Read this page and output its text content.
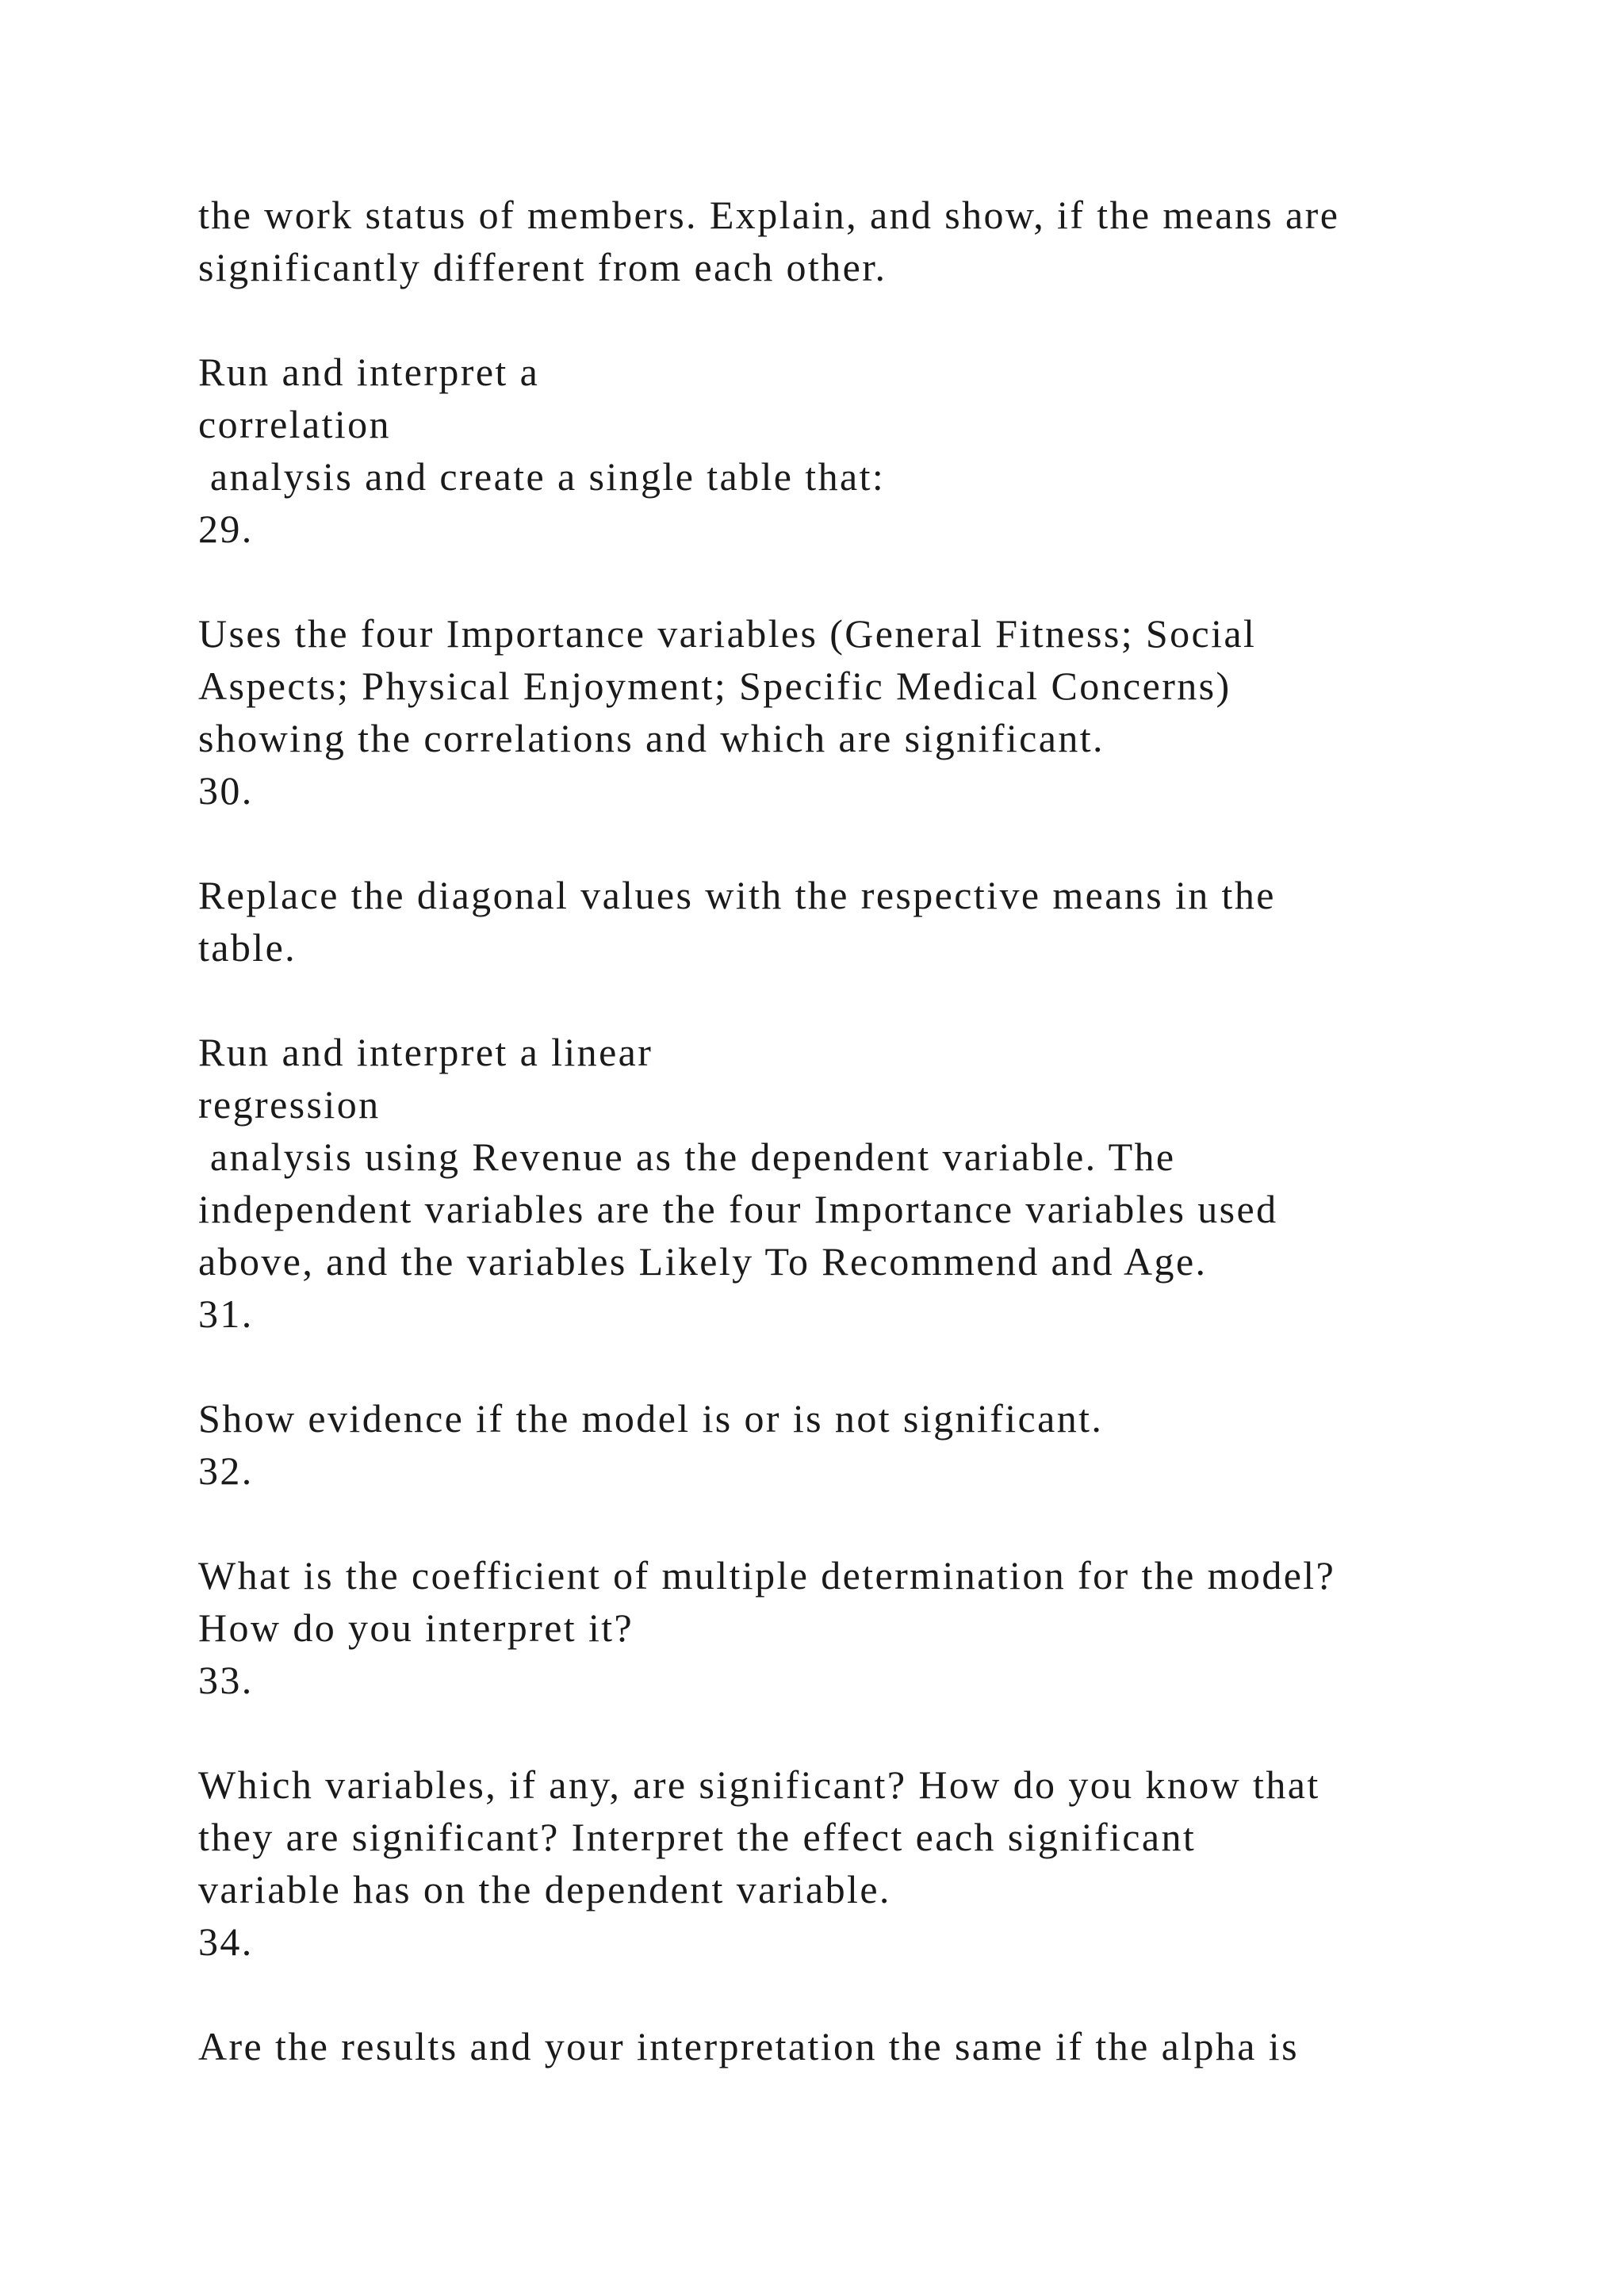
the work status of members. Explain, and show, if the means are
significantly different from each other.
Run and interpret a
correlation
analysis and create a single table that:
29.
Uses the four Importance variables (General Fitness; Social
Aspects; Physical Enjoyment; Specific Medical Concerns)
showing the correlations and which are significant.
30.
Replace the diagonal values with the respective means in the
table.
Run and interpret a linear
regression
analysis using Revenue as the dependent variable. The
independent variables are the four Importance variables used
above, and the variables Likely To Recommend and Age.
31.
Show evidence if the model is or is not significant.
32.
What is the coefficient of multiple determination for the model?
How do you interpret it?
33.
Which variables, if any, are significant? How do you know that
they are significant? Interpret the effect each significant
variable has on the dependent variable.
34.
Are the results and your interpretation the same if the alpha is
